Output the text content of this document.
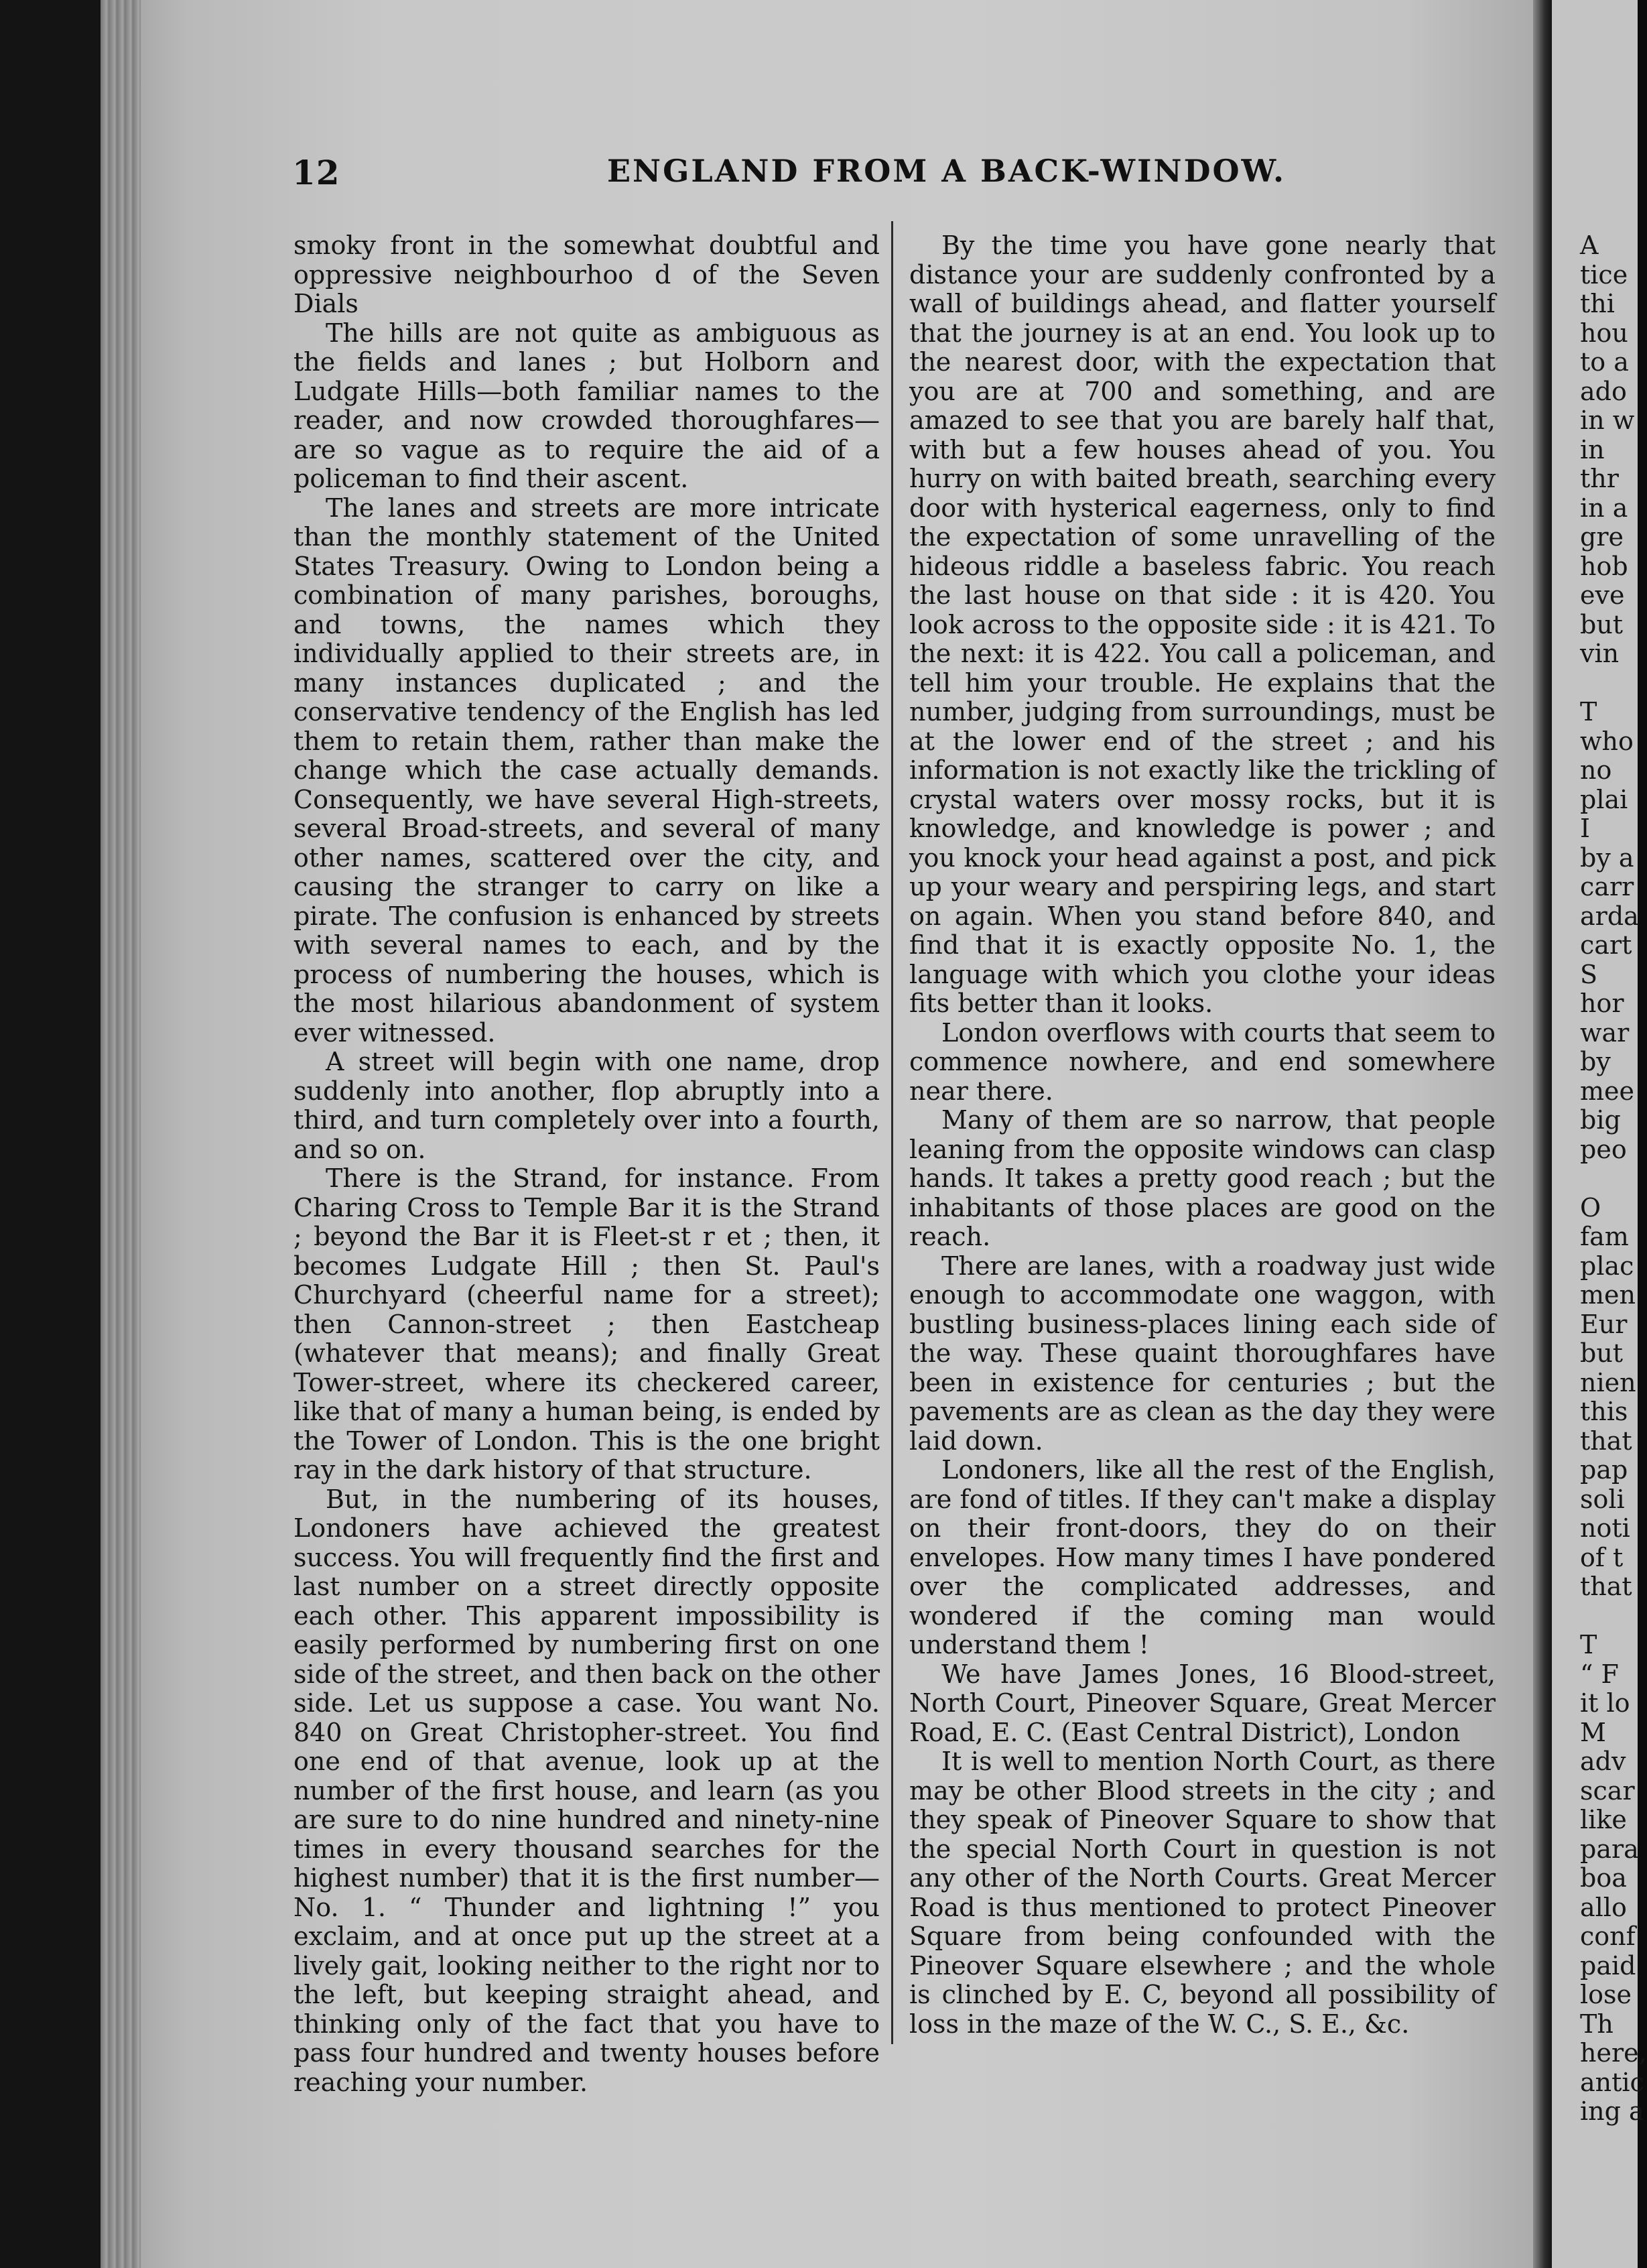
12	ENGLAND FROM A BACK-WINDOW.

smoky front in the somewhat doubtful and oppressive neighbourhoo d of the Seven Dials

The hills are not quite as ambiguous as the fields and lanes ; but Holborn and Ludgate Hills—both familiar names to the reader, and now crowded thoroughfares—are so vague as to require the aid of a policeman to find their ascent.

The lanes and streets are more intricate than the monthly statement of the United States Treasury. Owing to London being a combination of many parishes, boroughs, and towns, the names which they individually applied to their streets are, in many instances duplicated ; and the conservative tendency of the English has led them to retain them, rather than make the change which the case actually demands. Consequently, we have several High-streets, several Broad-streets, and several of many other names, scattered over the city, and causing the stranger to carry on like a pirate. The confusion is enhanced by streets with several names to each, and by the process of numbering the houses, which is the most hilarious abandonment of system ever witnessed.

A street will begin with one name, drop suddenly into another, flop abruptly into a third, and turn completely over into a fourth, and so on.

There is the Strand, for instance. From Charing Cross to Temple Bar it is the Strand ; beyond the Bar it is Fleet-st r et ; then, it becomes Ludgate Hill ; then St. Paul's Churchyard (cheerful name for a street); then Cannon-street ; then Eastcheap (whatever that means); and finally Great Tower-street, where its checkered career, like that of many a human being, is ended by the Tower of London. This is the one bright ray in the dark history of that structure.

But, in the numbering of its houses, Londoners have achieved the greatest success. You will frequently find the first and last number on a street directly opposite each other. This apparent impossibility is easily performed by numbering first on one side of the street, and then back on the other side. Let us suppose a case. You want No. 840 on Great Christopher-street. You find one end of that avenue, look up at the number of the first house, and learn (as you are sure to do nine hundred and ninety-nine times in every thousand searches for the highest number) that it is the first number—No. 1. “ Thunder and lightning !” you exclaim, and at once put up the street at a lively gait, looking neither to the right nor to the left, but keeping straight ahead, and thinking only of the fact that you have to pass four hundred and twenty houses before reaching your number.

By the time you have gone nearly that distance your are suddenly confronted by a wall of buildings ahead, and flatter yourself that the journey is at an end. You look up to the nearest door, with the expectation that you are at 700 and something, and are amazed to see that you are barely half that, with but a few houses ahead of you. You hurry on with baited breath, searching every door with hysterical eagerness, only to find the expectation of some unravelling of the hideous riddle a baseless fabric. You reach the last house on that side : it is 420. You look across to the opposite side : it is 421. To the next: it is 422. You call a policeman, and tell him your trouble. He explains that the number, judging from surroundings, must be at the lower end of the street ; and his information is not exactly like the trickling of crystal waters over mossy rocks, but it is knowledge, and knowledge is power ; and you knock your head against a post, and pick up your weary and perspiring legs, and start on again. When you stand before 840, and find that it is exactly opposite No. 1, the language with which you clothe your ideas fits better than it looks.

London overflows with courts that seem to commence nowhere, and end somewhere near there.

Many of them are so narrow, that people leaning from the opposite windows can clasp hands. It takes a pretty good reach ; but the inhabitants of those places are good on the reach.

There are lanes, with a roadway just wide enough to accommodate one waggon, with bustling business-places lining each side of the way. These quaint thoroughfares have been in existence for centuries ; but the pavements are as clean as the day they were laid down.

Londoners, like all the rest of the English, are fond of titles. If they can't make a display on their front-doors, they do on their envelopes. How many times I have pondered over the complicated addresses, and wondered if the coming man would understand them !

We have James Jones, 16 Blood-street, North Court, Pineover Square, Great Mercer Road, E. C. (East Central District), London

It is well to mention North Court, as there may be other Blood streets in the city ; and they speak of Pineover Square to show that the special North Court in question is not any other of the North Courts. Great Mercer Road is thus mentioned to protect Pineover Square from being confounded with the Pineover Square elsewhere ; and the whole is clinched by E. C, beyond all possibility of loss in the maze of the W. C., S. E., &c.

A
tice
thi
hou
to a
ado
in w
in
thr
in a
gre
hob
eve
but
vin
T
who
no
plai
I
by a
carr
arda
cart
S
hor
war
by
mee
big
peo
O
fam
plac
men
Eur
but
nien
this
that
pap
soli
noti
of t
that
T
“ F
it lo
M
adv
scar
like
para
boa
allo
conf
paid
lose
Th
here,
antic
ing a
